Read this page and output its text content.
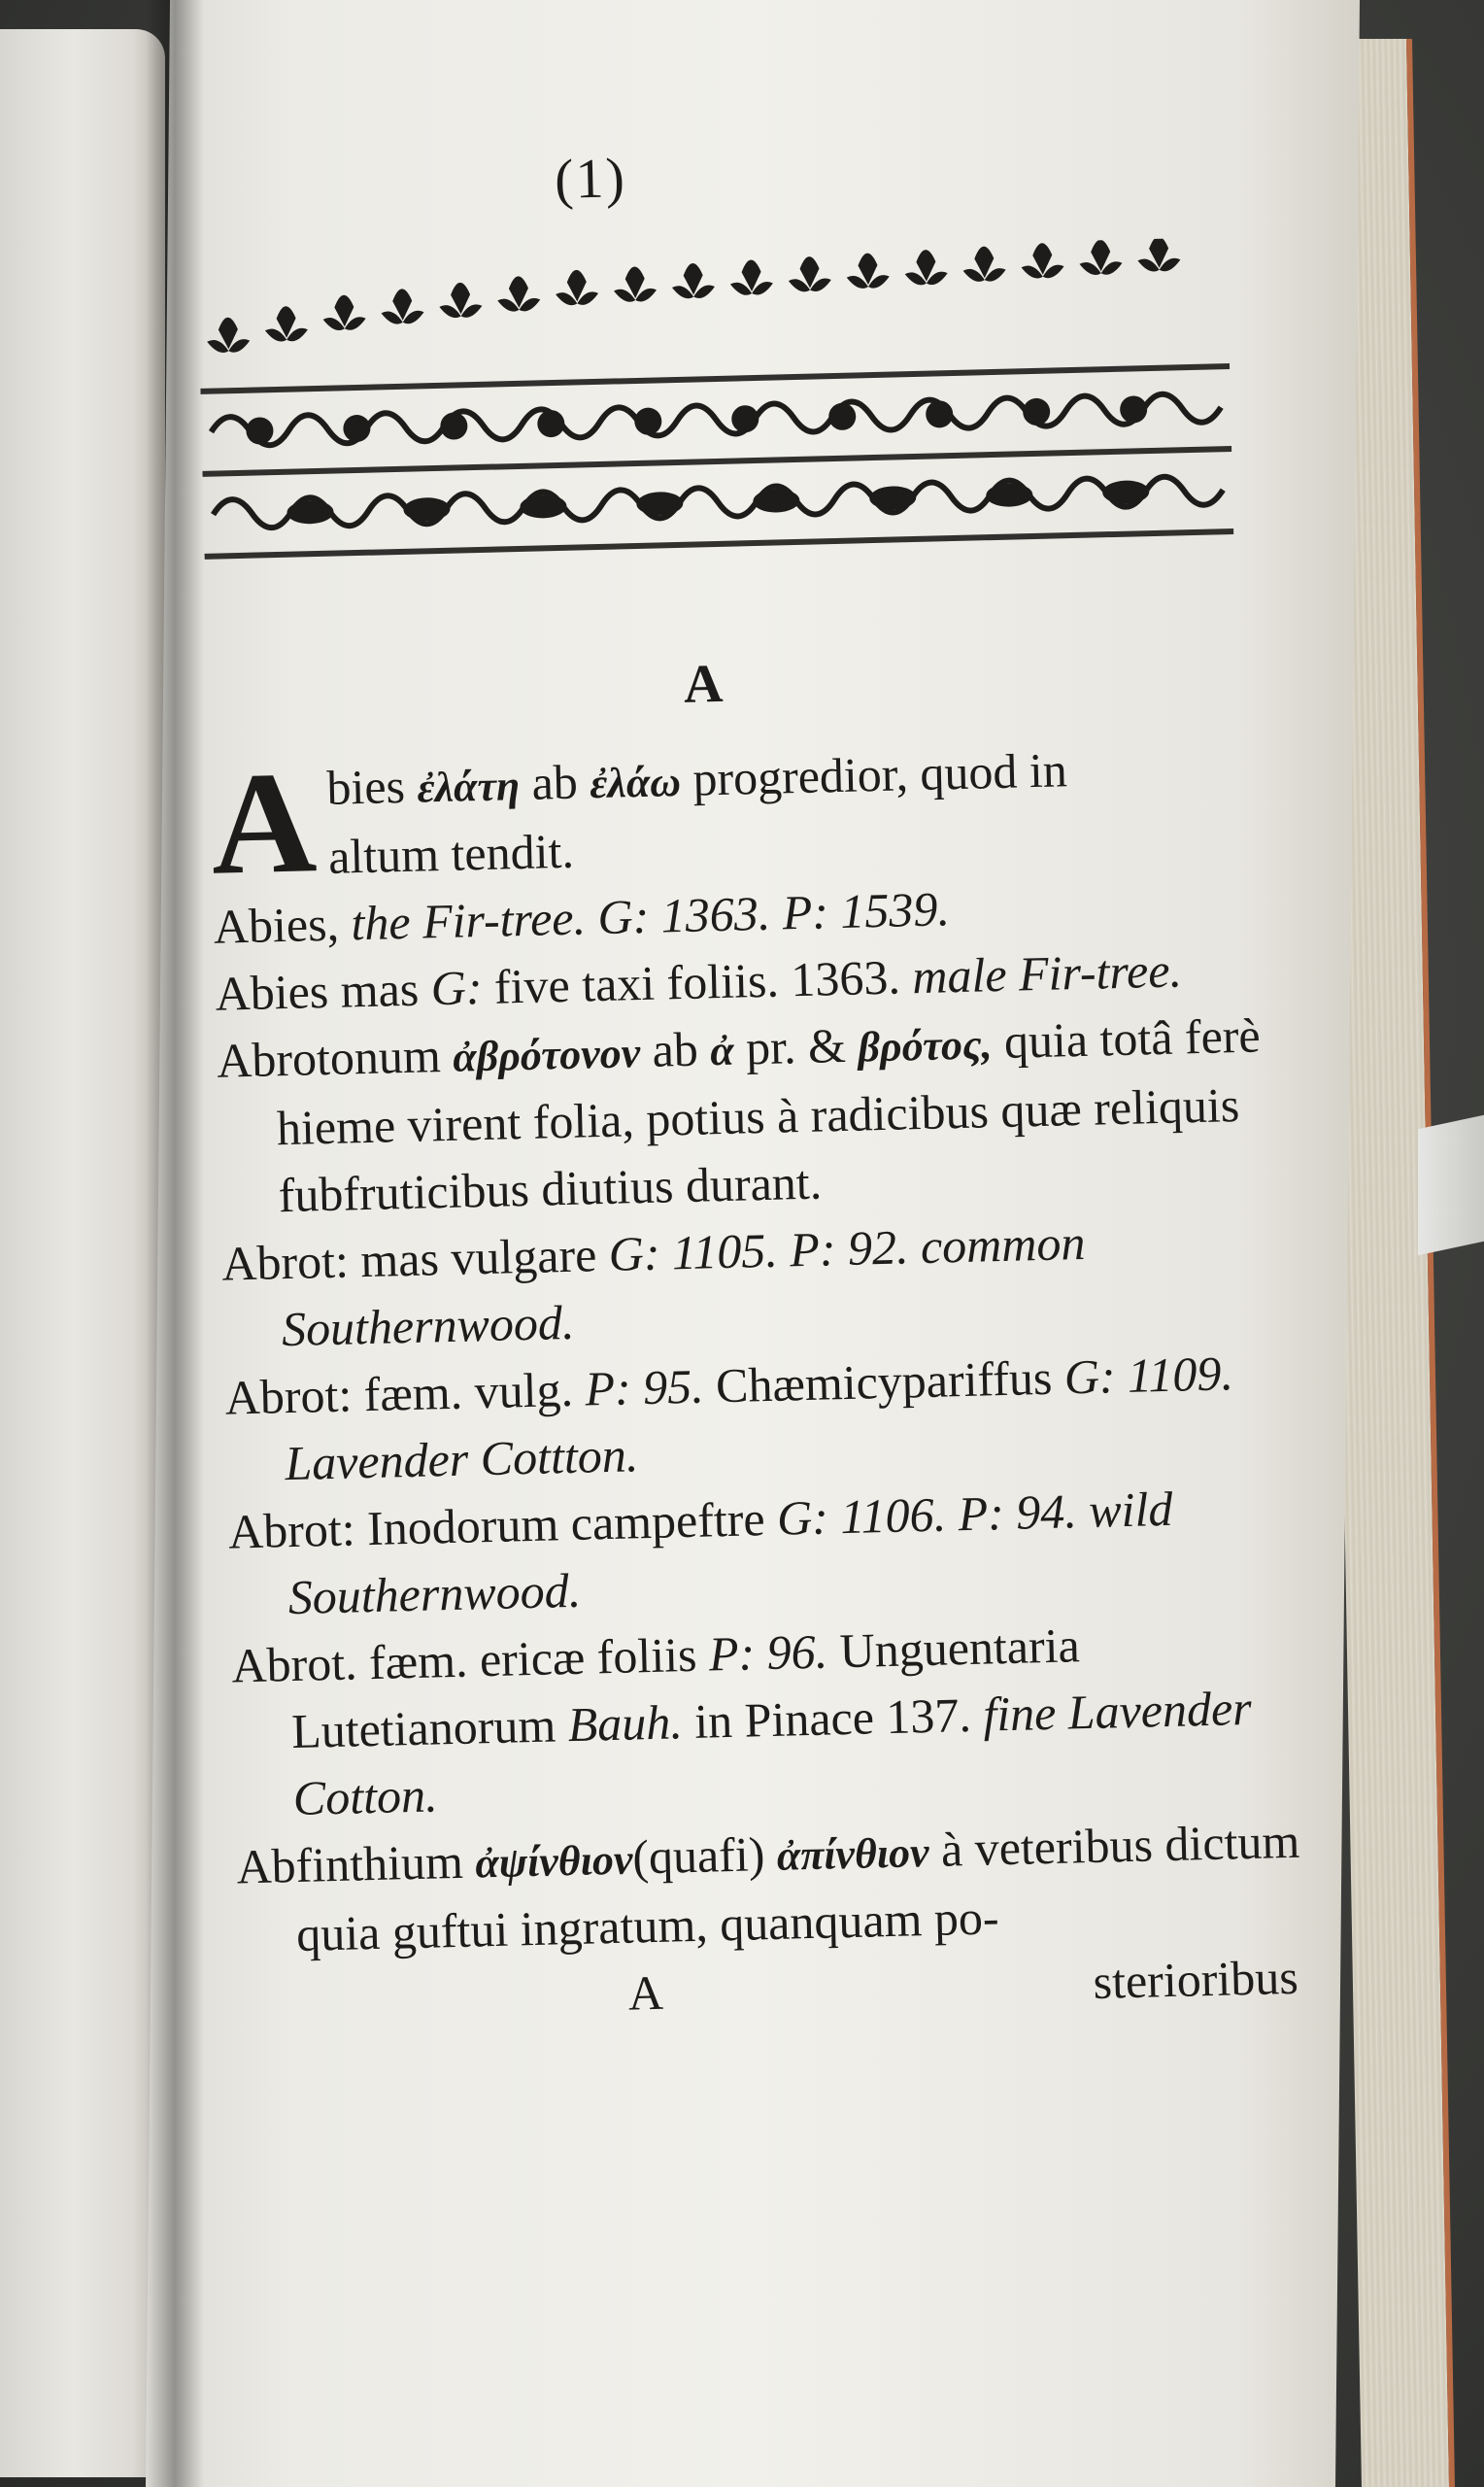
(1)
A

A bies ἐλάτη ab ἐλάω progredior, quod in
altum tendit.

Abies, the Fir-tree. G: 1363. P: 1539.

Abies mas G: five taxi foliis. 1363. male Fir-tree.

Abrotonum ἀβρότονον ab ἀ pr. & βρότος, quia totâ ferè hieme virent folia, potius à radicibus quæ reliquis fubfruticibus diutius durant.

Abrot: mas vulgare G: 1105. P: 92. common Southernwood.

Abrot: fæm. vulg. P: 95. Chæmicypariffus G: 1109. Lavender Cottton.

Abrot: Inodorum campeftre G: 1106. P: 94. wild Southernwood.

Abrot. fæm. ericæ foliis P: 96. Unguentaria Lutetianorum Bauh. in Pinace 137. fine Lavender Cotton.

Abfinthium ἀψίνθιον(quafi) ἀπίνθιον à veteribus dictum quia guftui ingratum, quanquam po-

A	sterioribus
